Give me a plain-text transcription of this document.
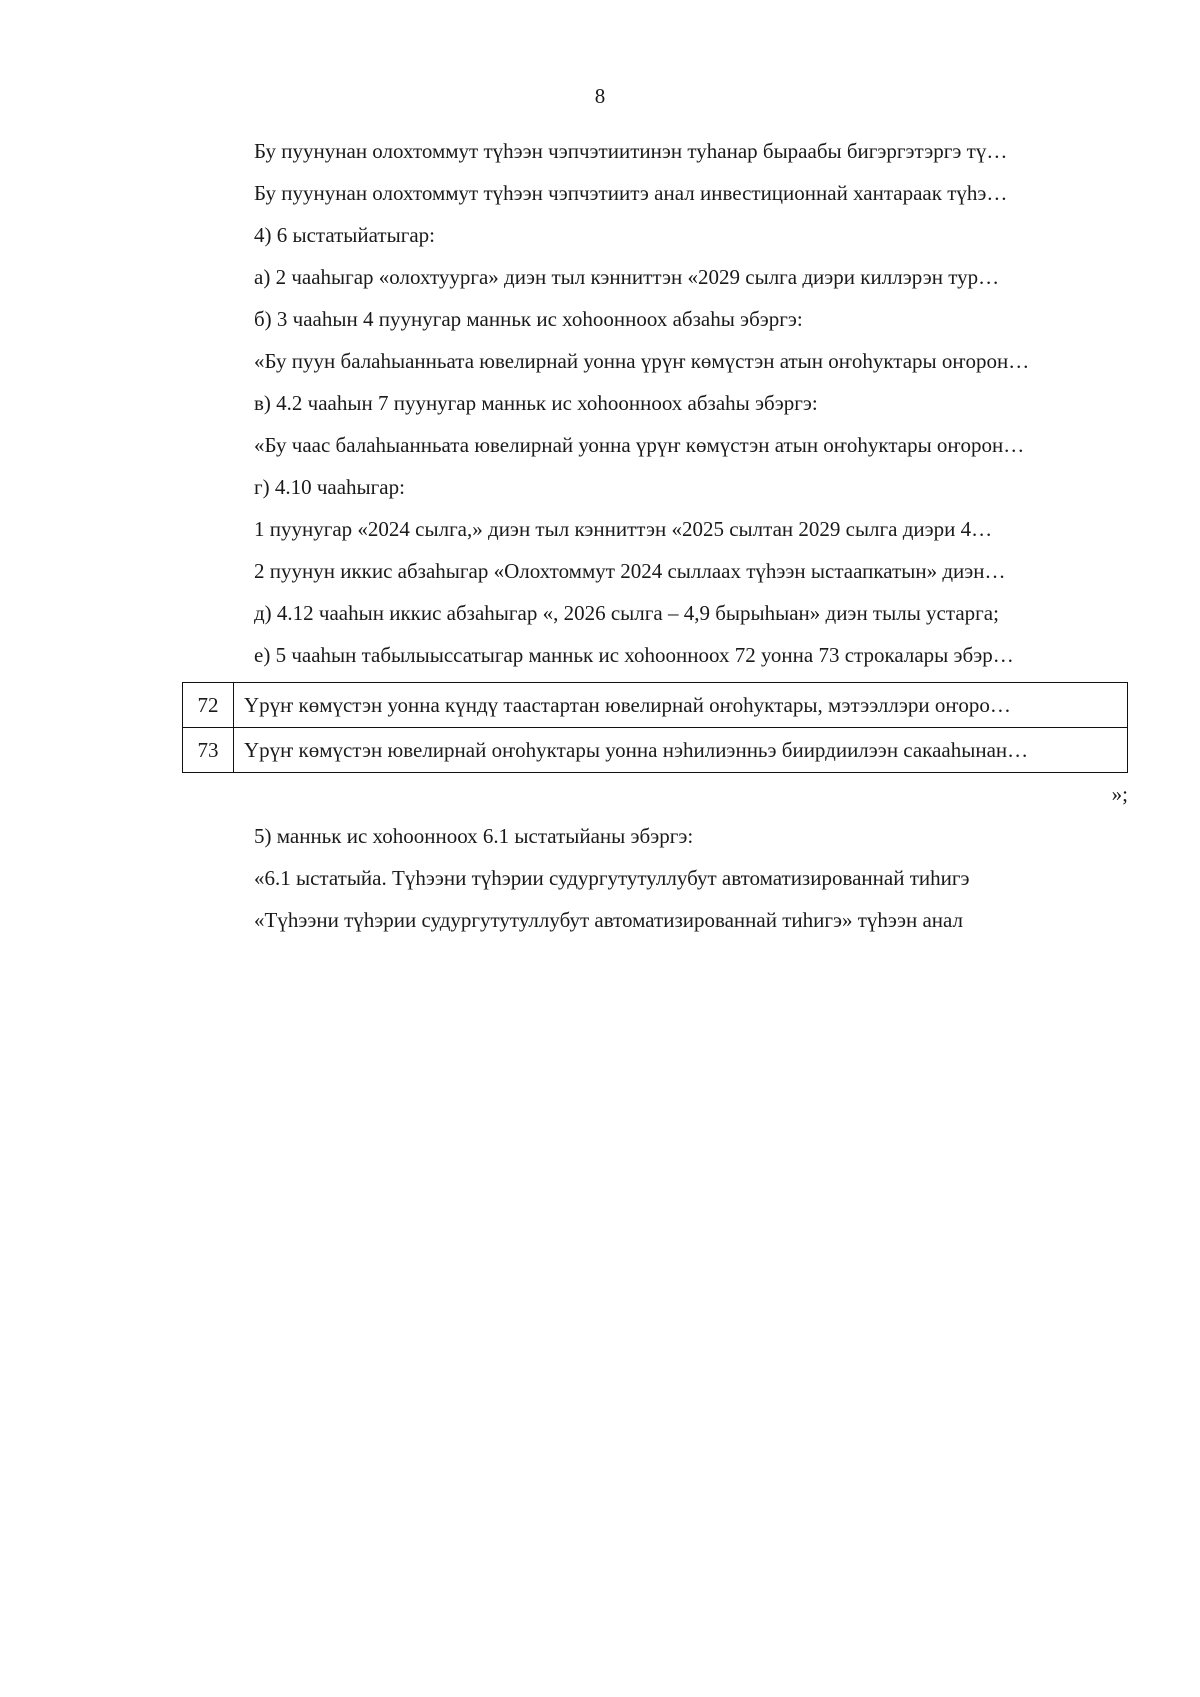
8

Бу пуунунан олохтоммут түһээн чэпчэтиитинэн туһанар быраабы бигэргэтэргэ тү…

Бу пуунунан олохтоммут түһээн чэпчэтиитэ анал инвестиционнай хантараак түһэ…

4) 6 ыстатыйатыгар:

а) 2 чааһыгар «олохтуурга» диэн тыл кэнниттэн «2029 сылга диэри киллэрэн тур…

б) 3 чааһын 4 пуунугар манньк ис хоһоонноох абзаһы эбэргэ:

«Бу пуун балаһыанньата ювелирнай уонна үрүҥ көмүстэн атын оҥоһуктары оҥорон…

в) 4.2 чааһын 7 пуунугар манньк ис хоһоонноох абзаһы эбэргэ:

«Бу чаас балаһыанньата ювелирнай уонна үрүҥ көмүстэн атын оҥоһуктары оҥорон…

г) 4.10 чааһыгар:

1 пуунугар «2024 сылга,» диэн тыл кэнниттэн «2025 сылтан 2029 сылга диэри 4…

2 пуунун иккис абзаһыгар «Олохтоммут 2024 сыллаах түһээн ыстаапкатын» диэн…

д) 4.12 чааһын иккис абзаһыгар «, 2026 сылга – 4,9 бырыһыан» диэн тылы устарга;

е) 5 чааһын табылыыссатыгар манньк ис хоһоонноох 72 уонна 73 строкалары эбэр…

72	Үрүҥ көмүстэн уонна күндү таастартан ювелирнай оҥоһуктары, мэтээллэри оҥоро…
73	Үрүҥ көмүстэн ювелирнай оҥоһуктары уонна нэһилиэнньэ биирдиилээн сакааһынан…

»;

5) манньк ис хоһоонноох 6.1 ыстатыйаны эбэргэ:

«6.1 ыстатыйа. Түһээни түһэрии судургутутуллубут автоматизированнай тиһигэ

«Түһээни түһэрии судургутутуллубут автоматизированнай тиһигэ» түһээн анал
